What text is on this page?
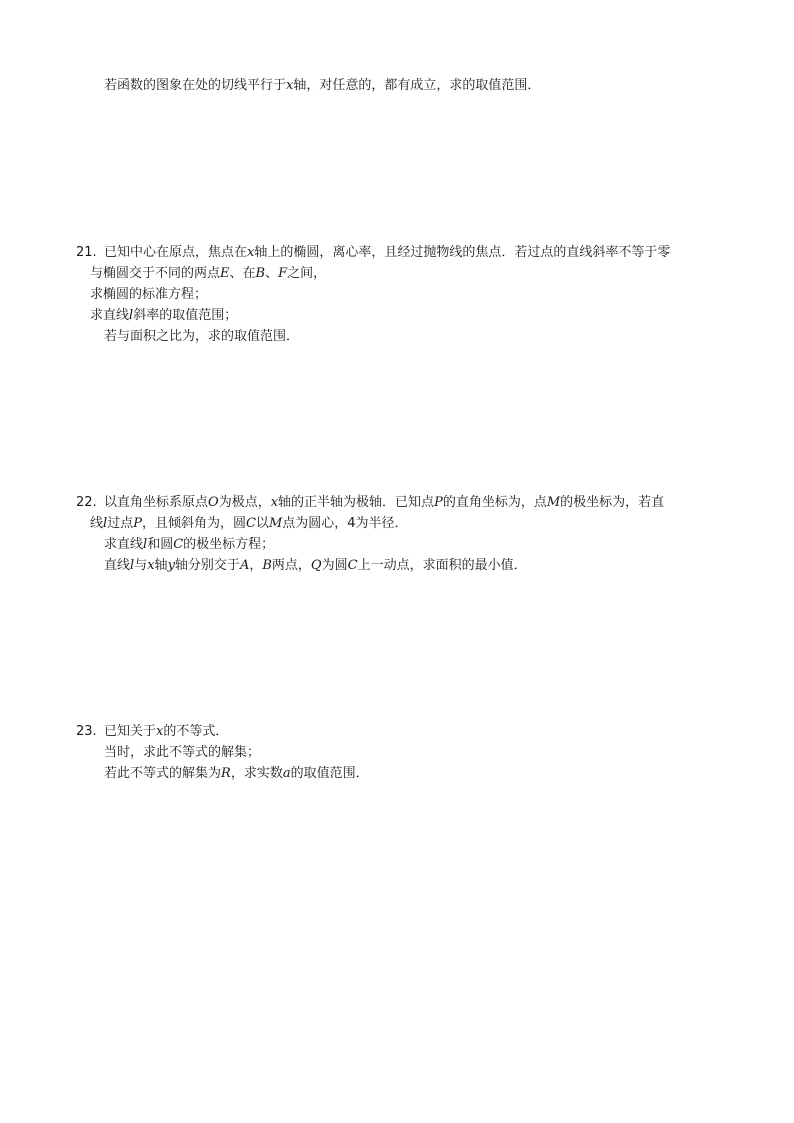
若函数的图象在处的切线平行于x轴，对任意的，都有成立，求的取值范围．
21. 已知中心在原点，焦点在x轴上的椭圆，离心率，且经过抛物线的焦点．若过点的直线斜率不等于零
与椭圆交于不同的两点E、在B、F之间，
求椭圆的标准方程；
求直线l斜率的取值范围；
若与面积之比为，求的取值范围．
22. 以直角坐标系原点O为极点，x轴的正半轴为极轴．已知点P的直角坐标为，点M的极坐标为，若直
线l过点P，且倾斜角为，圆C以M点为圆心，4为半径．
求直线l和圆C的极坐标方程；
直线l与x轴y轴分别交于A，B两点，Q为圆C上一动点，求面积的最小值．
23. 已知关于x的不等式．
当时，求此不等式的解集；
若此不等式的解集为R，求实数a的取值范围．
